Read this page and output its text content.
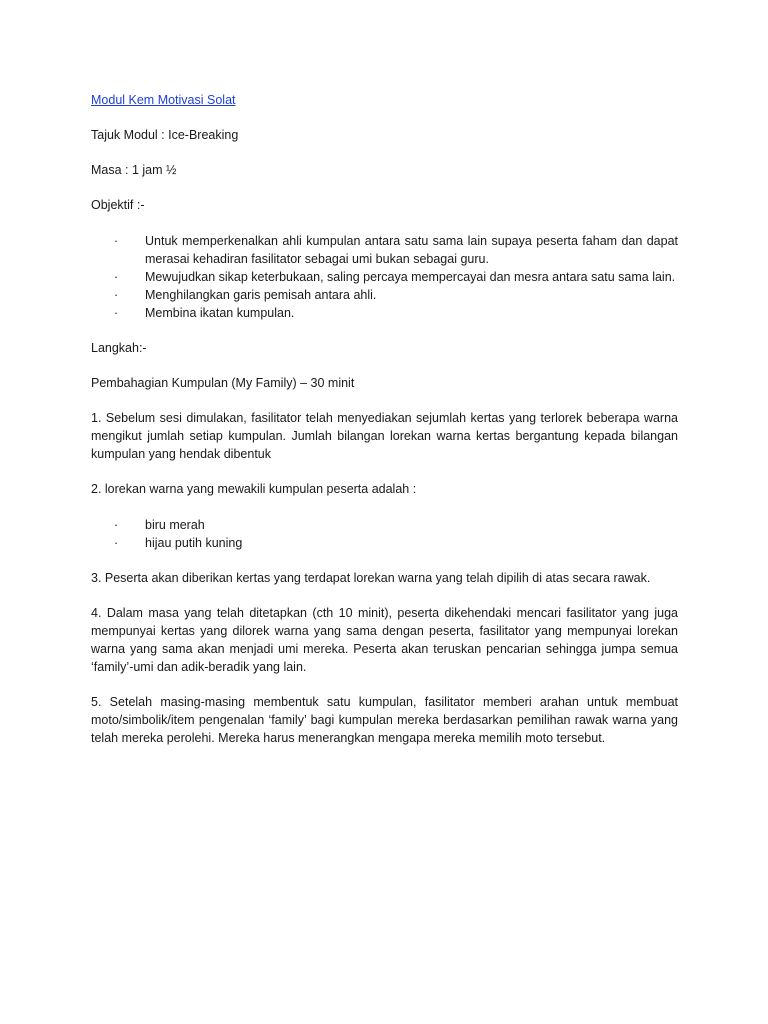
Modul Kem Motivasi Solat

Tajuk Modul : Ice-Breaking

Masa : 1 jam ½

Objektif :-

·	Untuk memperkenalkan ahli kumpulan antara satu sama lain supaya peserta faham dan dapat merasai kehadiran fasilitator sebagai umi bukan sebagai guru.
·	Mewujudkan sikap keterbukaan, saling percaya mempercayai dan mesra antara satu sama lain.
·	Menghilangkan garis pemisah antara ahli.
·	Membina ikatan kumpulan.

Langkah:-

Pembahagian Kumpulan (My Family) – 30 minit

1. Sebelum sesi dimulakan, fasilitator telah menyediakan sejumlah kertas yang terlorek beberapa warna mengikut jumlah setiap kumpulan. Jumlah bilangan lorekan warna kertas bergantung kepada bilangan kumpulan yang hendak dibentuk

2. lorekan warna yang mewakili kumpulan peserta adalah :

·	biru merah
·	hijau putih kuning

3. Peserta akan diberikan kertas yang terdapat lorekan warna yang telah dipilih di atas secara rawak.

4. Dalam masa yang telah ditetapkan (cth 10 minit), peserta dikehendaki mencari fasilitator yang juga mempunyai kertas yang dilorek warna yang sama dengan peserta, fasilitator yang mempunyai lorekan warna yang sama akan menjadi umi mereka. Peserta akan teruskan pencarian sehingga jumpa semua ‘family’-umi dan adik-beradik yang lain.

5. Setelah masing-masing membentuk satu kumpulan, fasilitator memberi arahan untuk membuat moto/simbolik/item pengenalan ‘family’ bagi kumpulan mereka berdasarkan pemilihan rawak warna yang telah mereka perolehi. Mereka harus menerangkan mengapa mereka memilih moto tersebut.
